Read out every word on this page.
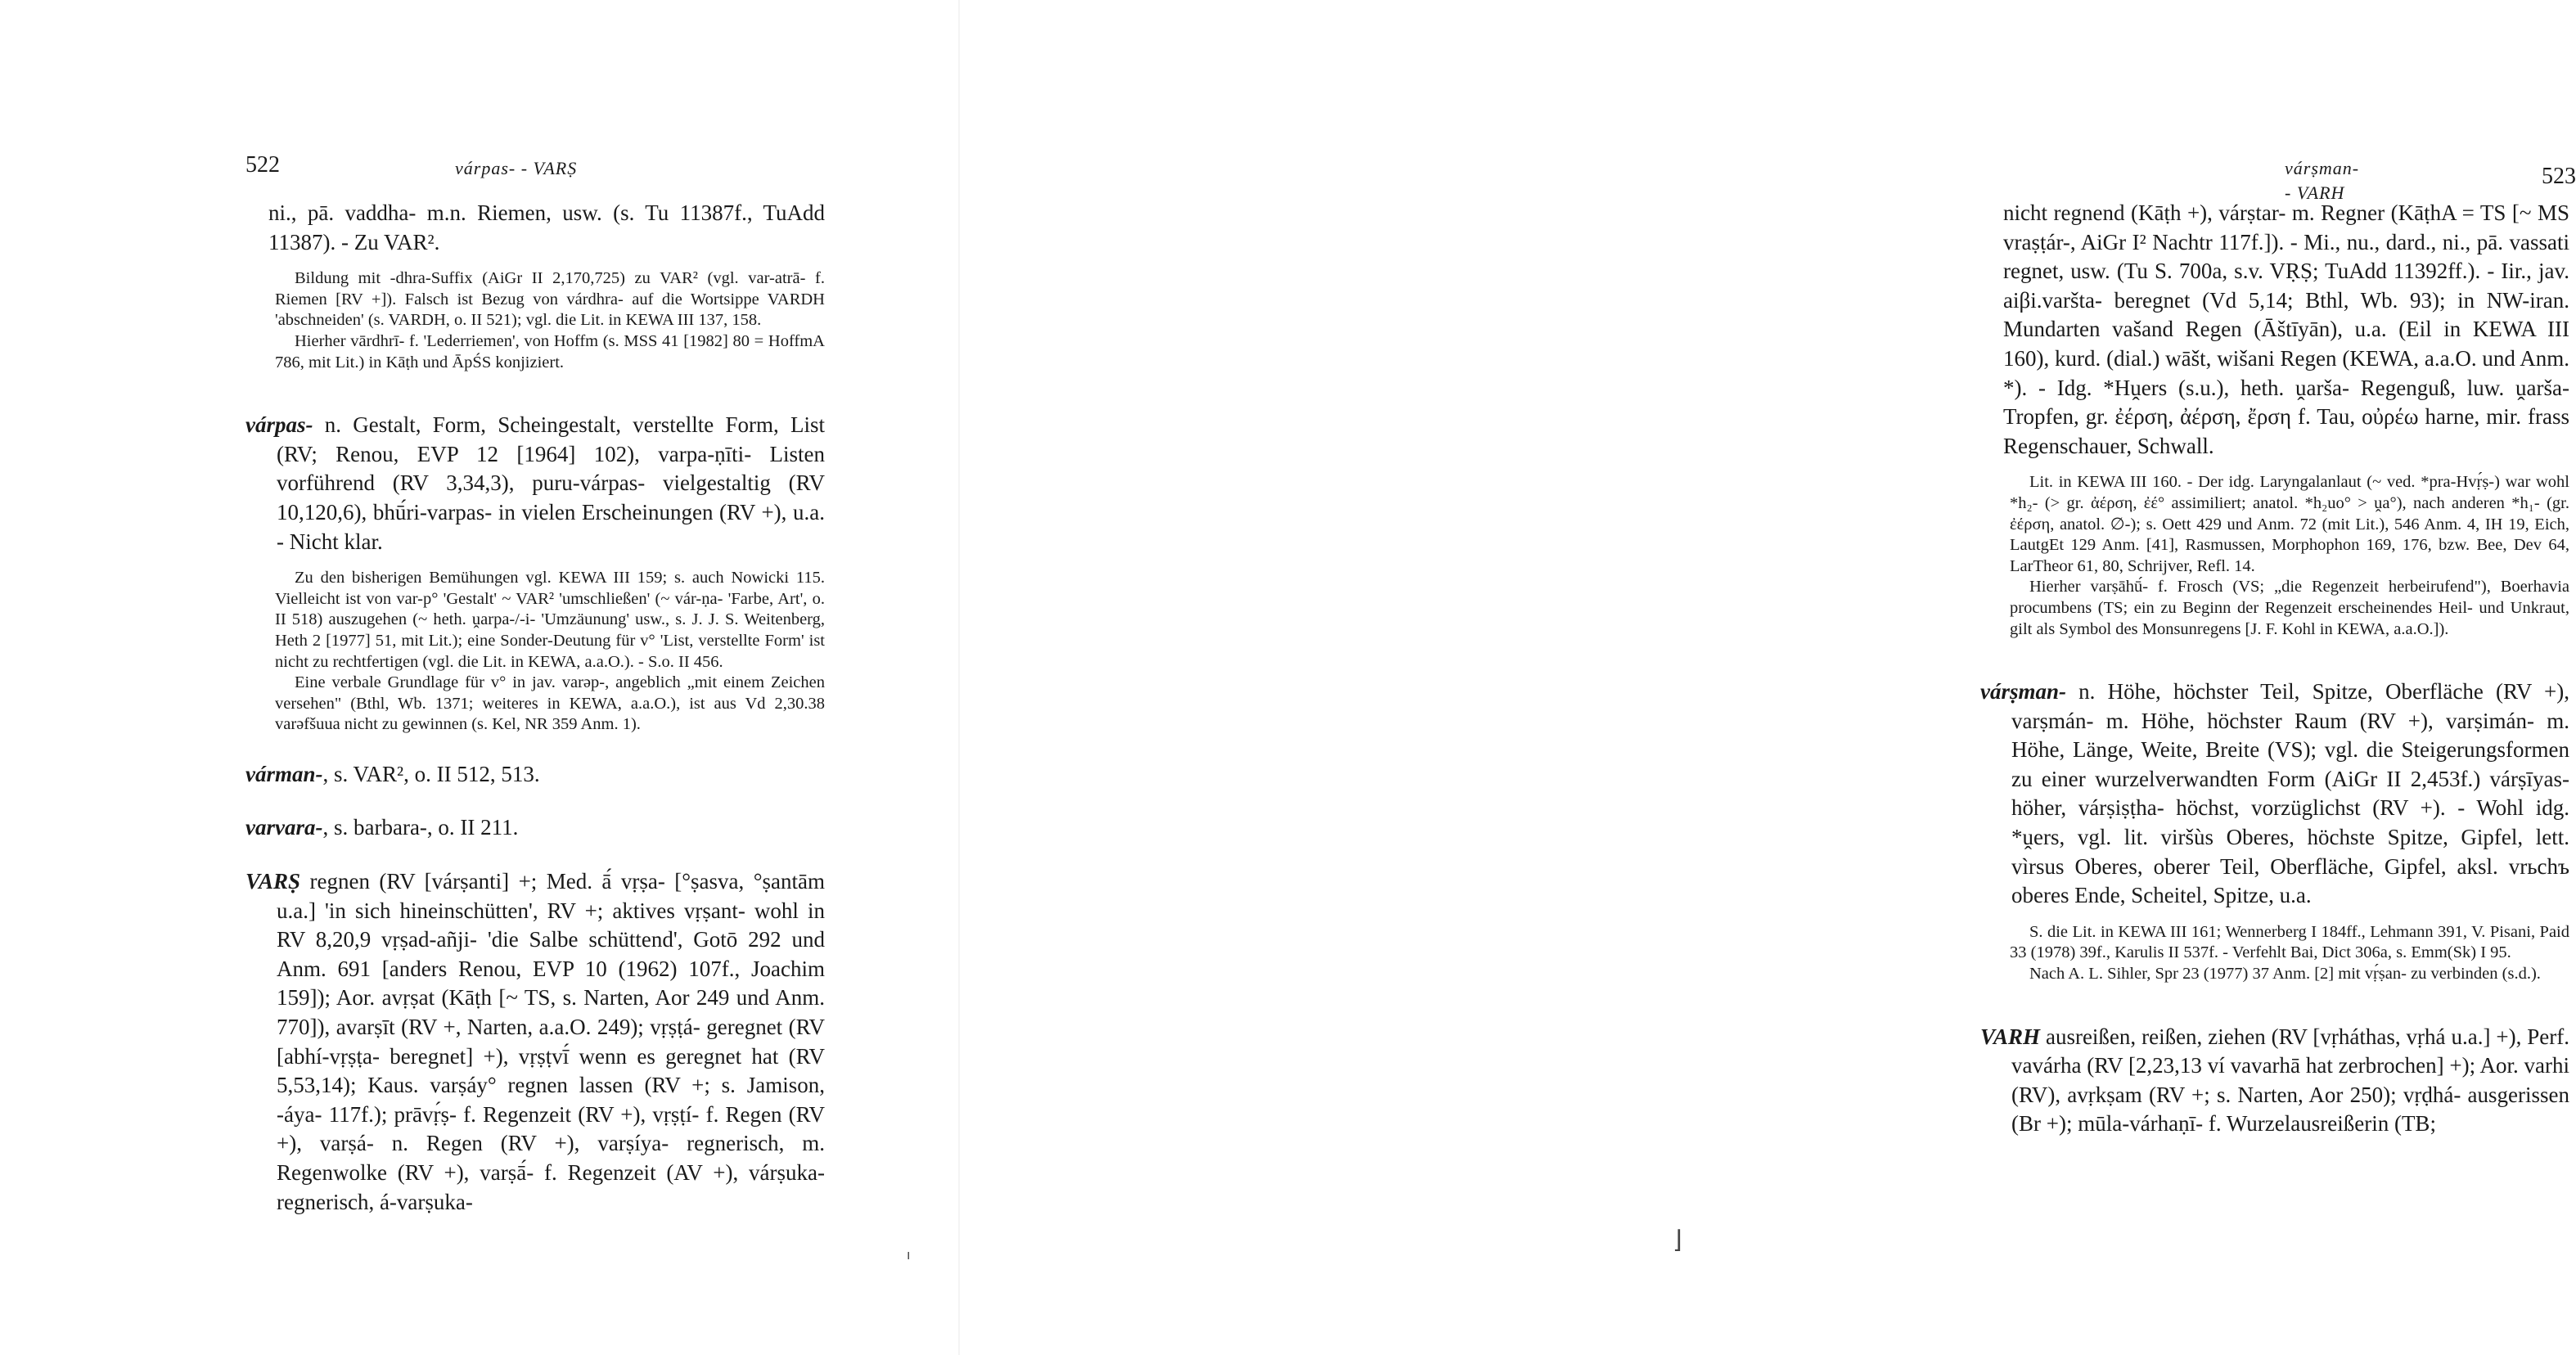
522	várpas- - VARṢ

ni., pā. vaddha- m.n. Riemen, usw. (s. Tu 11387f., TuAdd 11387). - Zu VAR².

Bildung mit -dhra-Suffix (AiGr II 2,170,725) zu VAR² (vgl. var-atrā- f. Riemen [RV +]). Falsch ist Bezug von várdhra- auf die Wortsippe VARDH 'abschneiden' (s. VARDH, o. II 521); vgl. die Lit. in KEWA III 137, 158.

Hierher vārdhrī- f. 'Lederriemen', von Hoffm (s. MSS 41 [1982] 80 = HoffmA 786, mit Lit.) in Kāṭh und ĀpŚS konjiziert.

várpas- n. Gestalt, Form, Scheingestalt, verstellte Form, List (RV; Renou, EVP 12 [1964] 102), varpa-ṇīti- Listen vorführend (RV 3,34,3), puru-várpas- vielgestaltig (RV 10,120,6), bhū́ri-varpas- in vielen Erscheinungen (RV +), u.a. - Nicht klar.

Zu den bisherigen Bemühungen vgl. KEWA III 159; s. auch Nowicki 115. Vielleicht ist von var-p° 'Gestalt' ~ VAR² 'umschließen' (~ vár-ṇa- 'Farbe, Art', o. II 518) auszugehen (~ heth. ṷarpa-/-i- 'Umzäunung' usw., s. J. J. S. Weitenberg, Heth 2 [1977] 51, mit Lit.); eine Sonder-Deutung für v° 'List, verstellte Form' ist nicht zu rechtfertigen (vgl. die Lit. in KEWA, a.a.O.). - S.o. II 456.

Eine verbale Grundlage für v° in jav. varǝp-, angeblich „mit einem Zeichen versehen" (Bthl, Wb. 1371; weiteres in KEWA, a.a.O.), ist aus Vd 2,30.38 varǝfšuua nicht zu gewinnen (s. Kel, NR 359 Anm. 1).

várman-, s. VAR², o. II 512, 513.

varvara-, s. barbara-, o. II 211.

VARṢ regnen (RV [várṣanti] +; Med. ā́ vṛṣa- [°ṣasva, °ṣantām u.a.] 'in sich hineinschütten', RV +; aktives vṛṣant- wohl in RV 8,20,9 vṛṣad-añji- 'die Salbe schüttend', Gotō 292 und Anm. 691 [anders Renou, EVP 10 (1962) 107f., Joachim 159]); Aor. avṛṣat (Kāṭh [~ TS, s. Narten, Aor 249 und Anm. 770]), avarṣīt (RV +, Narten, a.a.O. 249); vṛṣṭá- geregnet (RV [abhí-vṛṣṭa- beregnet] +), vṛṣṭvī́ wenn es geregnet hat (RV 5,53,14); Kaus. varṣáy° regnen lassen (RV +; s. Jamison, -áya- 117f.); prāvṛ́ṣ- f. Regenzeit (RV +), vṛṣṭí- f. Regen (RV +), varṣá- n. Regen (RV +), varṣíya- regnerisch, m. Regenwolke (RV +), varṣā́- f. Regenzeit (AV +), várṣuka- regnerisch, á-varṣuka-

várṣman- - VARH
523

nicht regnend (Kāṭh +), várṣtar- m. Regner (KāṭhA = TS [~ MS vraṣṭár-, AiGr I² Nachtr 117f.]). - Mi., nu., dard., ni., pā. vassati regnet, usw. (Tu S. 700a, s.v. VṚṢ; TuAdd 11392ff.). - Iir., jav. aiβi.varšta- beregnet (Vd 5,14; Bthl, Wb. 93); in NW-iran. Mundarten vašand Regen (Āštīyān), u.a. (Eil in KEWA III 160), kurd. (dial.) wāšt, wišani Regen (KEWA, a.a.O. und Anm. *). - Idg. *Hṷers (s.u.), heth. ṷarša- Regenguß, luw. ṷarša- Tropfen, gr. ἐέρση, ἀέρση, ἔρση f. Tau, οὐρέω harne, mir. frass Regenschauer, Schwall.

Lit. in KEWA III 160. - Der idg. Laryngalanlaut (~ ved. *pra-Hvṛ́ṣ-) war wohl *h₂- (> gr. ἀέρση, ἐέ° assimiliert; anatol. *h₂uo° > ṷa°), nach anderen *h₁- (gr. ἐέρση, anatol. ∅-); s. Oett 429 und Anm. 72 (mit Lit.), 546 Anm. 4, IH 19, Eich, LautgEt 129 Anm. [41], Rasmussen, Morphophon 169, 176, bzw. Bee, Dev 64, LarTheor 61, 80, Schrijver, Refl. 14.

Hierher varṣāhū́- f. Frosch (VS; „die Regenzeit herbeirufend"), Boerhavia procumbens (TS; ein zu Beginn der Regenzeit erscheinendes Heil- und Unkraut, gilt als Symbol des Monsunregens [J. F. Kohl in KEWA, a.a.O.]).

várṣman- n. Höhe, höchster Teil, Spitze, Oberfläche (RV +), varṣmán- m. Höhe, höchster Raum (RV +), varṣimán- m. Höhe, Länge, Weite, Breite (VS); vgl. die Steigerungsformen zu einer wurzelverwandten Form (AiGr II 2,453f.) várṣīyas- höher, várṣiṣṭha- höchst, vorzüglichst (RV +). - Wohl idg. *ṷers, vgl. lit. viršùs Oberes, höchste Spitze, Gipfel, lett. vìrsus Oberes, oberer Teil, Oberfläche, Gipfel, aksl. vrьchъ oberes Ende, Scheitel, Spitze, u.a.

S. die Lit. in KEWA III 161; Wennerberg I 184ff., Lehmann 391, V. Pisani, Paid 33 (1978) 39f., Karulis II 537f. - Verfehlt Bai, Dict 306a, s. Emm(Sk) I 95.

Nach A. L. Sihler, Spr 23 (1977) 37 Anm. [2] mit vṛ́ṣan- zu verbinden (s.d.).

VARH ausreißen, reißen, ziehen (RV [vṛháthas, vṛhá u.a.] +), Perf. vavárha (RV [2,23,13 ví vavarhā hat zerbrochen] +); Aor. varhi (RV), avṛkṣam (RV +; s. Narten, Aor 250); vṛḍhá- ausgerissen (Br +); mūla-várhaṇī- f. Wurzelausreißerin (TB;

ı
⌋
